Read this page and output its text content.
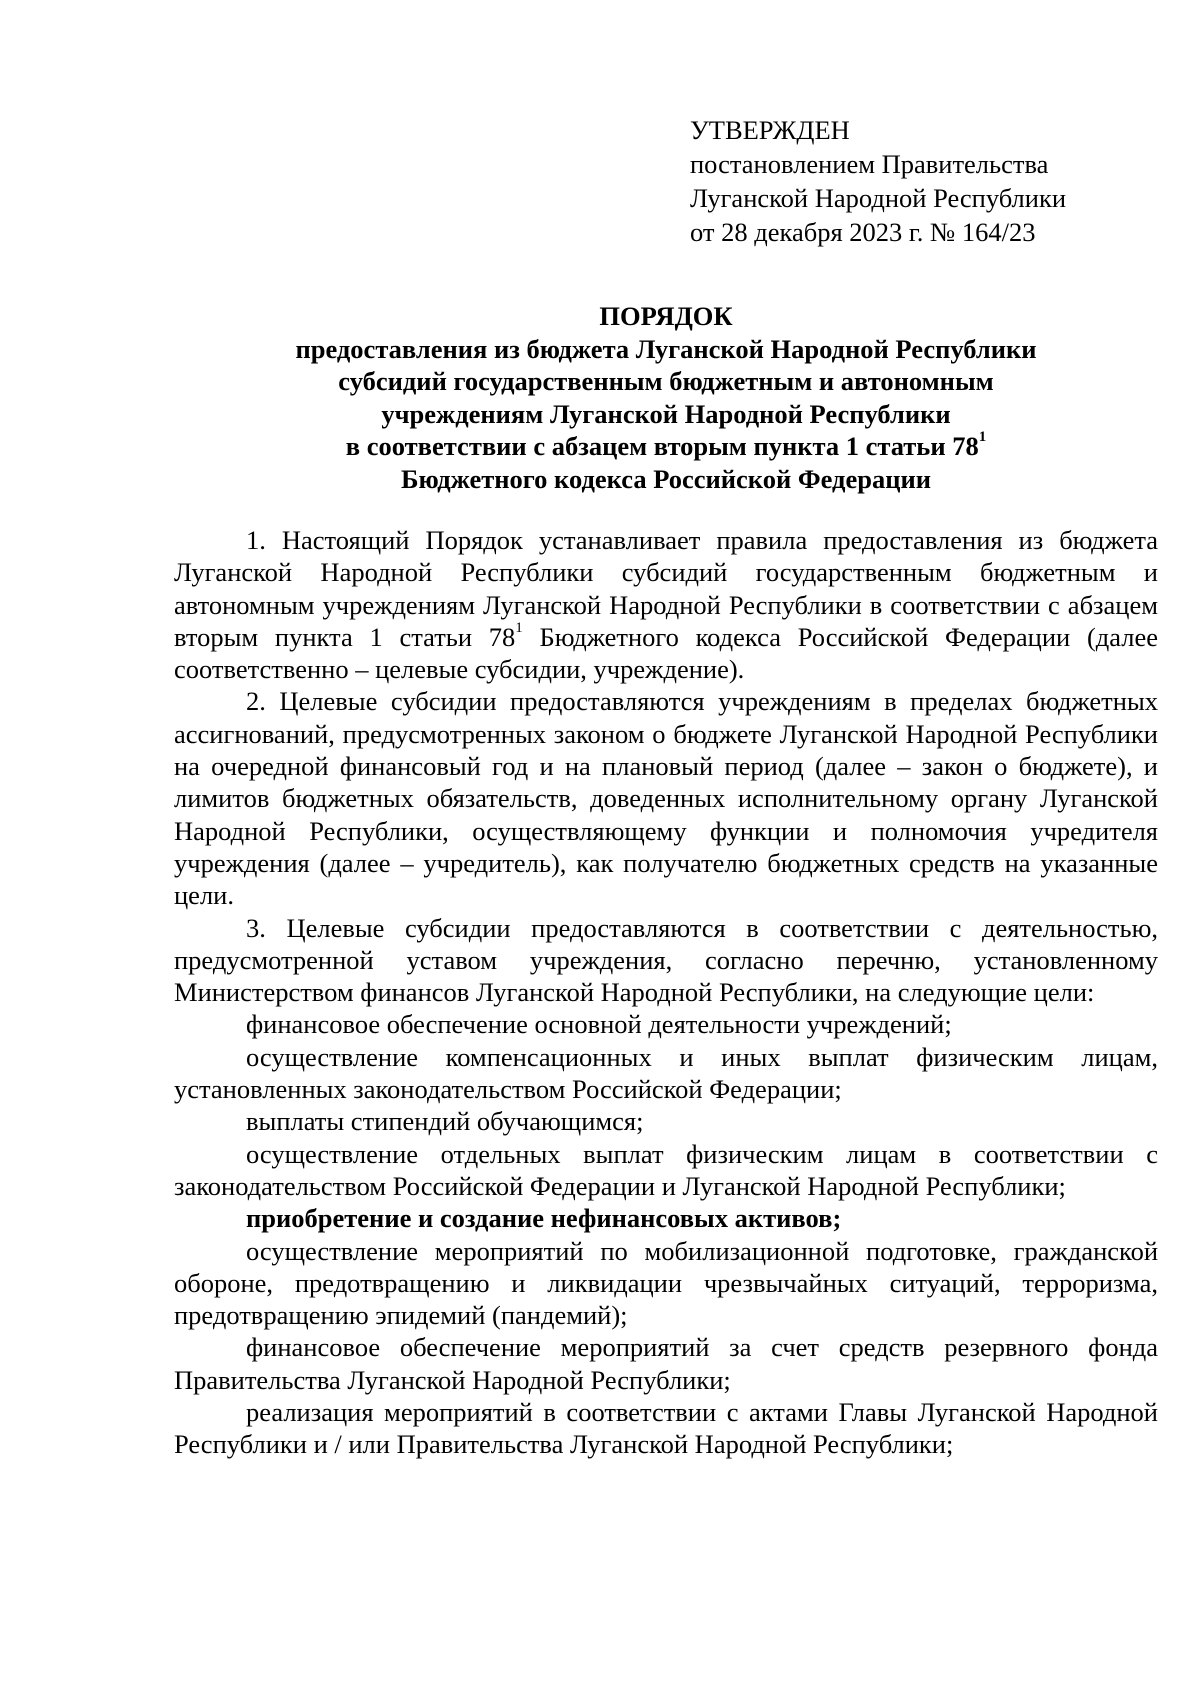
УТВЕРЖДЕН
постановлением Правительства
Луганской Народной Республики
от 28 декабря 2023 г. № 164/23
ПОРЯДОК
предоставления из бюджета Луганской Народной Республики
субсидий государственным бюджетным и автономным
учреждениям Луганской Народной Республики
в соответствии с абзацем вторым пункта 1 статьи $78^1$
Бюджетного кодекса Российской Федерации

1. Настоящий Порядок устанавливает правила предоставления из бюджета Луганской Народной Республики субсидий государственным бюджетным и автономным учреждениям Луганской Народной Республики в соответствии с абзацем вторым пункта 1 статьи $78^1$ Бюджетного кодекса Российской Федерации (далее соответственно – целевые субсидии, учреждение).

2. Целевые субсидии предоставляются учреждениям в пределах бюджетных ассигнований, предусмотренных законом о бюджете Луганской Народной Республики на очередной финансовый год и на плановый период (далее – закон о бюджете), и лимитов бюджетных обязательств, доведенных исполнительному органу Луганской Народной Республики, осуществляющему функции и полномочия учредителя учреждения (далее – учредитель), как получателю бюджетных средств на указанные цели.

3. Целевые субсидии предоставляются в соответствии с деятельностью, предусмотренной уставом учреждения, согласно перечню, установленному Министерством финансов Луганской Народной Республики, на следующие цели:

финансовое обеспечение основной деятельности учреждений;

осуществление компенсационных и иных выплат физическим лицам, установленных законодательством Российской Федерации;

выплаты стипендий обучающимся;

осуществление отдельных выплат физическим лицам в соответствии с законодательством Российской Федерации и Луганской Народной Республики;

приобретение и создание нефинансовых активов;

осуществление мероприятий по мобилизационной подготовке, гражданской обороне, предотвращению и ликвидации чрезвычайных ситуаций, терроризма, предотвращению эпидемий (пандемий);

финансовое обеспечение мероприятий за счет средств резервного фонда Правительства Луганской Народной Республики;

реализация мероприятий в соответствии с актами Главы Луганской Народной Республики и / или Правительства Луганской Народной Республики;
